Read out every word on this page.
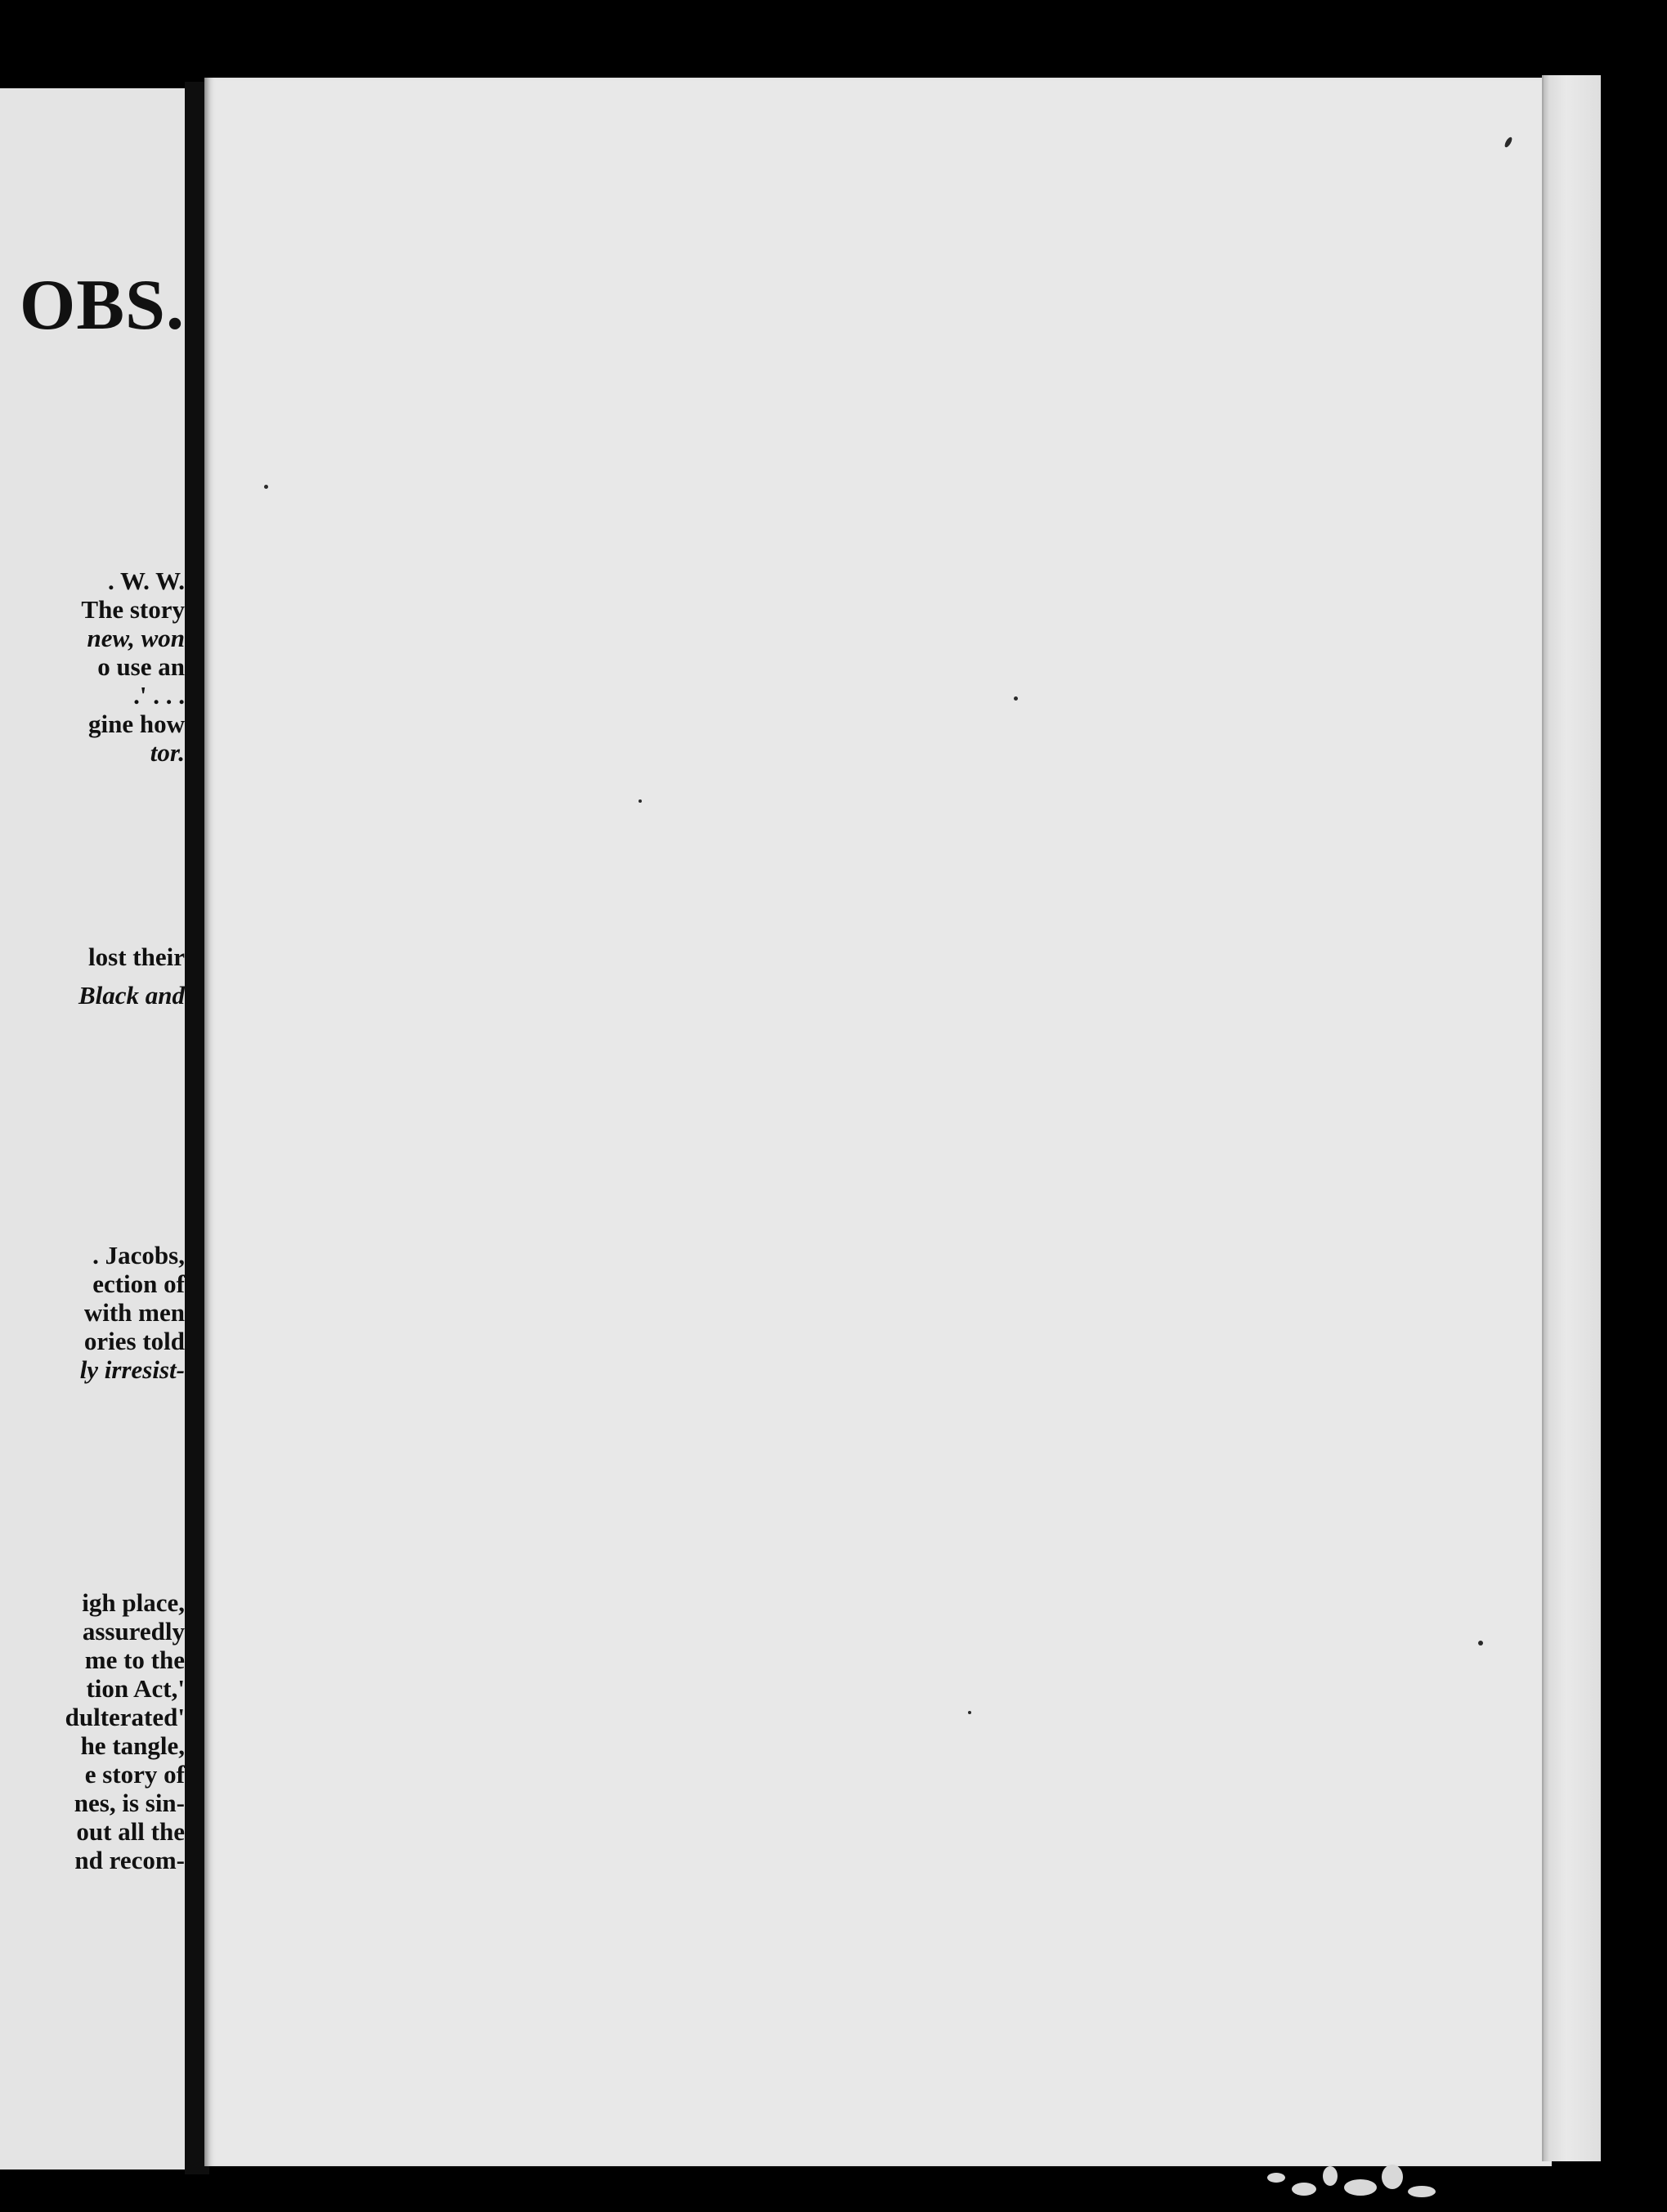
OBS.
. W. W.
The story
new, won
o use an
.' . . .
gine how
tor.
lost their
Black and
. Jacobs,
ection of
with men
ories told
ly irresist-
igh place,
assuredly
me to the
tion Act,'
dulterated'
he tangle,
e story of
nes, is sin-
out all the
nd recom-
